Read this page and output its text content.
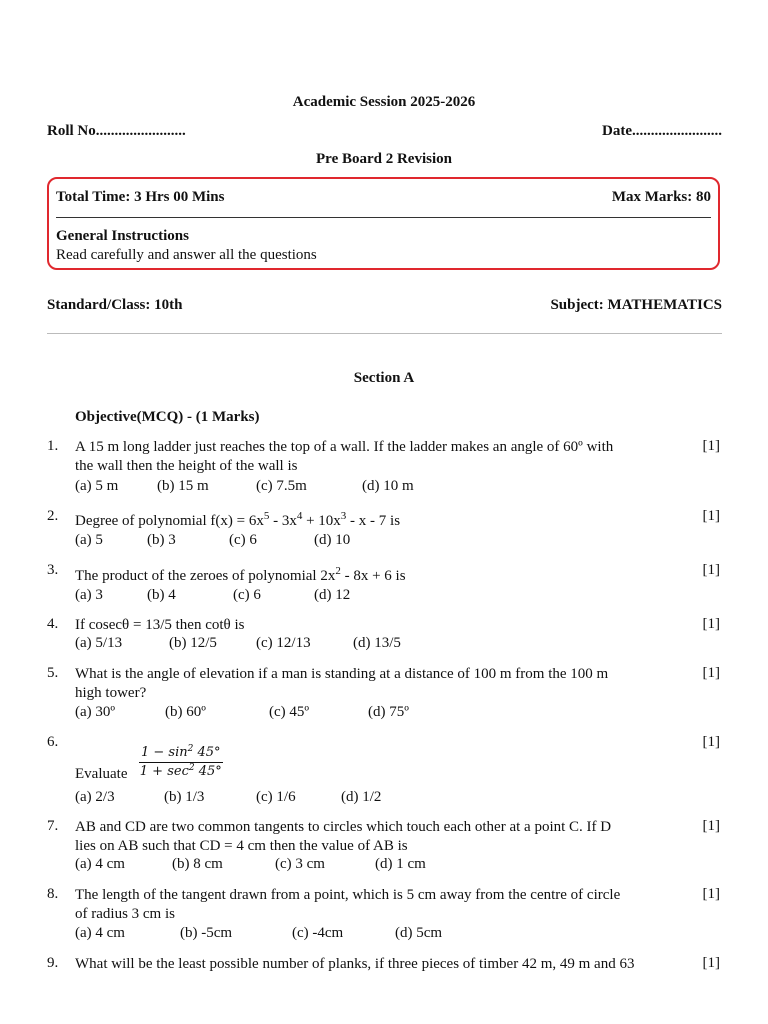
Academic Session 2025-2026
Roll No........................	Date........................
Pre Board 2 Revision
Total Time: 3 Hrs 00 Mins	Max Marks: 80
General Instructions
Read carefully and answer all the questions
Standard/Class: 10th	Subject: MATHEMATICS
Section A
Objective(MCQ) - (1 Marks)
1. A 15 m long ladder just reaches the top of a wall. If the ladder makes an angle of 60º with
the wall then the height of the wall is
[1]
(a) 5 m	(b) 15 m	(c) 7.5m	(d) 10 m
2. Degree of polynomial $f(x) = 6x^5 - 3x^4 + 10x^3 - x - 7$ is	[1]
(a) 5	(b) 3	(c) 6	(d) 10
3. The product of the zeroes of polynomial $2x^2 - 8x + 6$ is	[1]
(a) 3	(b) 4	(c) 6	(d) 12
4. If cosecθ = 13/5 then cotθ is	[1]
(a) 5/13	(b) 12/5	(c) 12/13	(d) 13/5
5. What is the angle of elevation if a man is standing at a distance of 100 m from the 100 m
high tower?
[1]
(a) 30º	(b) 60º	(c) 45º	(d) 75º
6.
Evaluate
$1 - \sin^2 45^\circ$
$1 + \sec^2 45^\circ$
[1]
(a) 2/3	(b) 1/3	(c) 1/6	(d) 1/2
7. AB and CD are two common tangents to circles which touch each other at a point C. If D
lies on AB such that CD = 4 cm then the value of AB is
[1]
(a) 4 cm	(b) 8 cm	(c) 3 cm	(d) 1 cm
8. The length of the tangent drawn from a point, which is 5 cm away from the centre of circle
of radius 3 cm is
[1]
(a) 4 cm	(b) -5cm	(c) -4cm	(d) 5cm
9. What will be the least possible number of planks, if three pieces of timber 42 m, 49 m and 63	[1]
